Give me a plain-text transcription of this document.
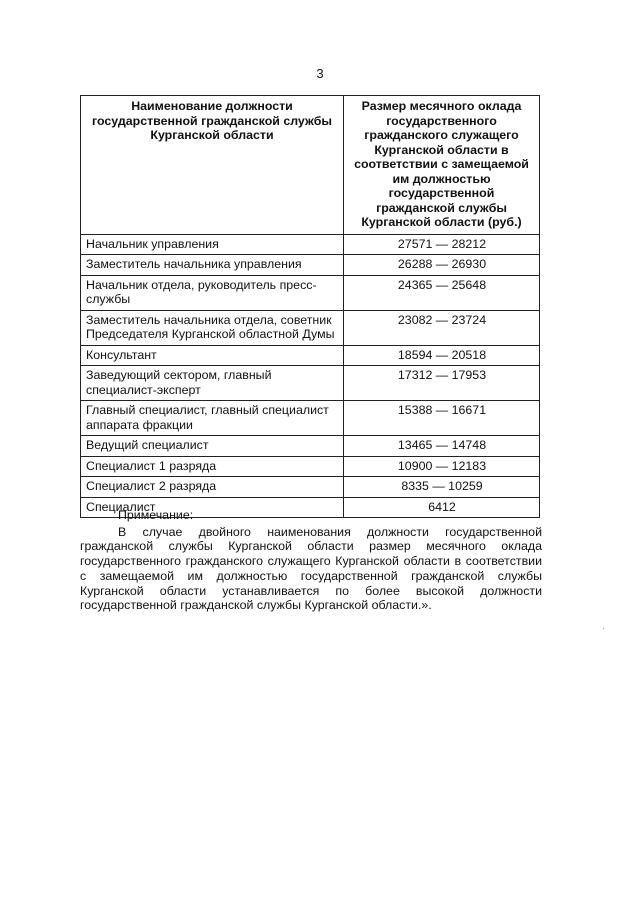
3
Наименование должности государственной гражданской службы Курганской области	Размер месячного оклада государственного гражданского служащего Курганской области в соответствии с замещаемой им должностью государственной гражданской службы Курганской области (руб.)
Начальник управления	27571 — 28212
Заместитель начальника управления	26288 — 26930
Начальник отдела, руководитель пресс-службы	24365 — 25648
Заместитель начальника отдела, советник Председателя Курганской областной Думы	23082 — 23724
Консультант	18594 — 20518
Заведующий сектором, главный специалист-эксперт	17312 — 17953
Главный специалист, главный специалист аппарата фракции	15388 — 16671
Ведущий специалист	13465 — 14748
Специалист 1 разряда	10900 — 12183
Специалист 2 разряда	8335 — 10259
Специалист	6412

Примечание:

В случае двойного наименования должности государственной гражданской службы Курганской области размер месячного оклада государственного гражданского служащего Курганской области в соответствии с замещаемой им должностью государственной гражданской службы Курганской области устанавливается по более высокой должности государственной гражданской службы Курганской области.».
